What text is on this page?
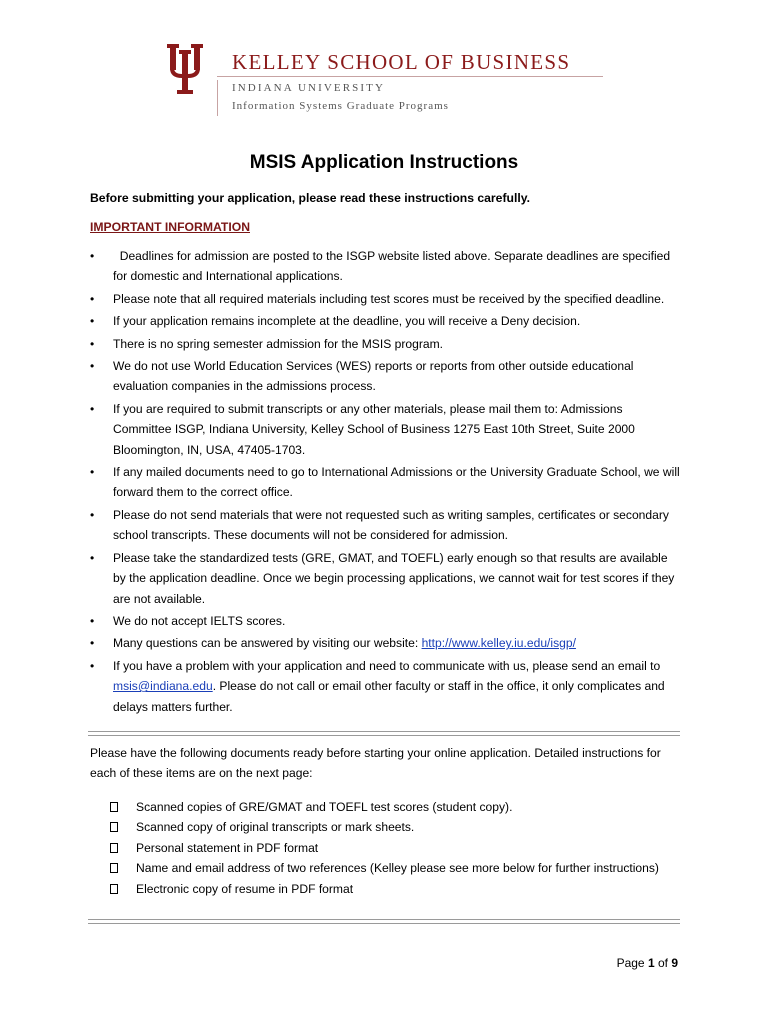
KELLEY SCHOOL OF BUSINESS
INDIANA UNIVERSITY
Information Systems Graduate Programs
MSIS Application Instructions
Before submitting your application, please read these instructions carefully.
IMPORTANT INFORMATION
• Deadlines for admission are posted to the ISGP website listed above. Separate deadlines are specified for domestic and International applications.
• Please note that all required materials including test scores must be received by the specified deadline.
• If your application remains incomplete at the deadline, you will receive a Deny decision.
• There is no spring semester admission for the MSIS program.
• We do not use World Education Services (WES) reports or reports from other outside educational evaluation companies in the admissions process.
• If you are required to submit transcripts or any other materials, please mail them to: Admissions Committee ISGP, Indiana University, Kelley School of Business 1275 East 10th Street, Suite 2000 Bloomington, IN, USA, 47405-1703.
• If any mailed documents need to go to International Admissions or the University Graduate School, we will forward them to the correct office.
• Please do not send materials that were not requested such as writing samples, certificates or secondary school transcripts. These documents will not be considered for admission.
• Please take the standardized tests (GRE, GMAT, and TOEFL) early enough so that results are available by the application deadline. Once we begin processing applications, we cannot wait for test scores if they are not available.
• We do not accept IELTS scores.
• Many questions can be answered by visiting our website: http://www.kelley.iu.edu/isgp/
• If you have a problem with your application and need to communicate with us, please send an email to msis@indiana.edu. Please do not call or email other faculty or staff in the office, it only complicates and delays matters further.
Please have the following documents ready before starting your online application. Detailed instructions for each of these items are on the next page:
Scanned copies of GRE/GMAT and TOEFL test scores (student copy).
Scanned copy of original transcripts or mark sheets.
Personal statement in PDF format
Name and email address of two references (Kelley please see more below for further instructions)
Electronic copy of resume in PDF format
Page 1 of 9
